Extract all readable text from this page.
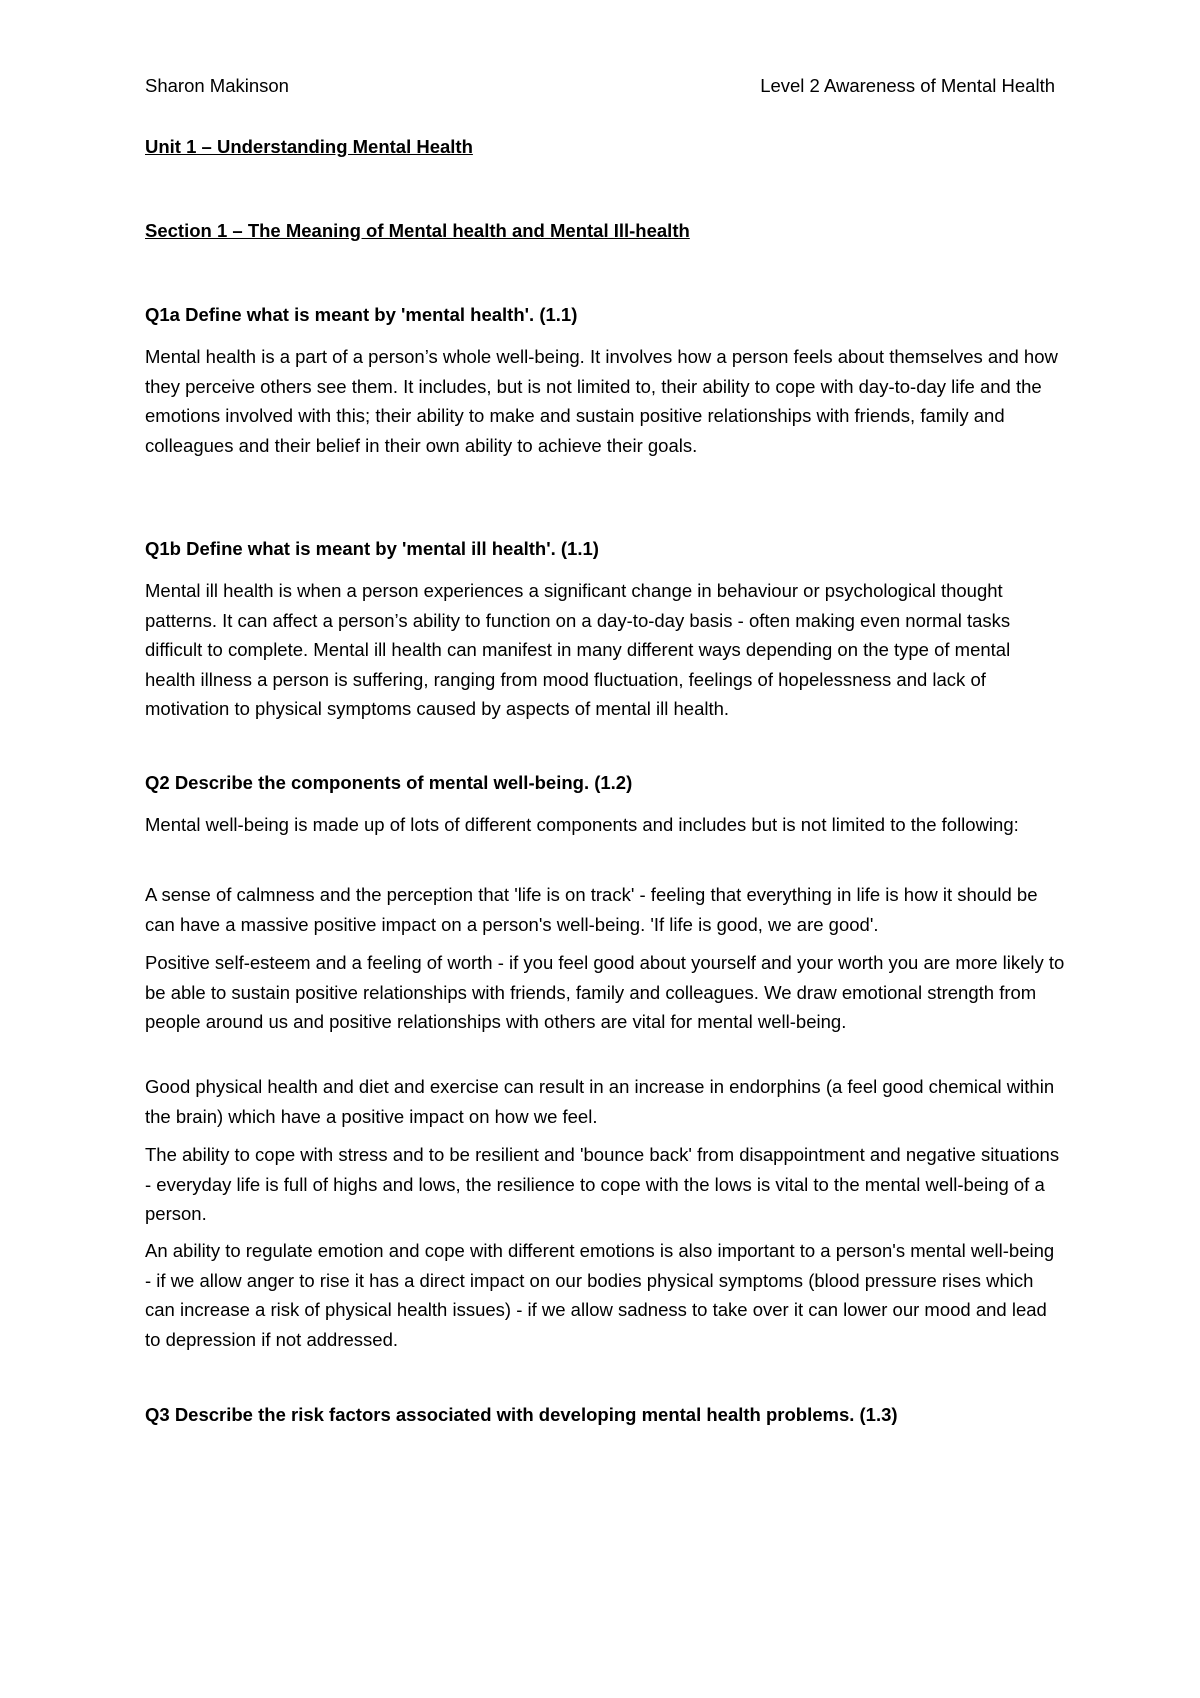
Sharon Makinson	Level 2 Awareness of Mental Health

Unit 1 – Understanding Mental Health

Section 1 – The Meaning of Mental health and Mental Ill-health

Q1a Define what is meant by 'mental health'. (1.1)

Mental health is a part of a person’s whole well-being. It involves how a person feels about themselves and how they perceive others see them. It includes, but is not limited to, their ability to cope with day-to-day life and the emotions involved with this; their ability to make and sustain positive relationships with friends, family and colleagues and their belief in their own ability to achieve their goals.

Q1b Define what is meant by 'mental ill health'. (1.1)

Mental ill health is when a person experiences a significant change in behaviour or psychological thought patterns. It can affect a person’s ability to function on a day-to-day basis - often making even normal tasks difficult to complete. Mental ill health can manifest in many different ways depending on the type of mental health illness a person is suffering, ranging from mood fluctuation, feelings of hopelessness and lack of motivation to physical symptoms caused by aspects of mental ill health.

Q2 Describe the components of mental well-being. (1.2)

Mental well-being is made up of lots of different components and includes but is not limited to the following:

A sense of calmness and the perception that 'life is on track' - feeling that everything in life is how it should be can have a massive positive impact on a person's well-being. 'If life is good, we are good'.

Positive self-esteem and a feeling of worth - if you feel good about yourself and your worth you are more likely to be able to sustain positive relationships with friends, family and colleagues. We draw emotional strength from people around us and positive relationships with others are vital for mental well-being.

Good physical health and diet and exercise can result in an increase in endorphins (a feel good chemical within the brain) which have a positive impact on how we feel.

The ability to cope with stress and to be resilient and 'bounce back' from disappointment and negative situations - everyday life is full of highs and lows, the resilience to cope with the lows is vital to the mental well-being of a person.

An ability to regulate emotion and cope with different emotions is also important to a person's mental well-being - if we allow anger to rise it has a direct impact on our bodies physical symptoms (blood pressure rises which can increase a risk of physical health issues) - if we allow sadness to take over it can lower our mood and lead to depression if not addressed.

Q3 Describe the risk factors associated with developing mental health problems. (1.3)
